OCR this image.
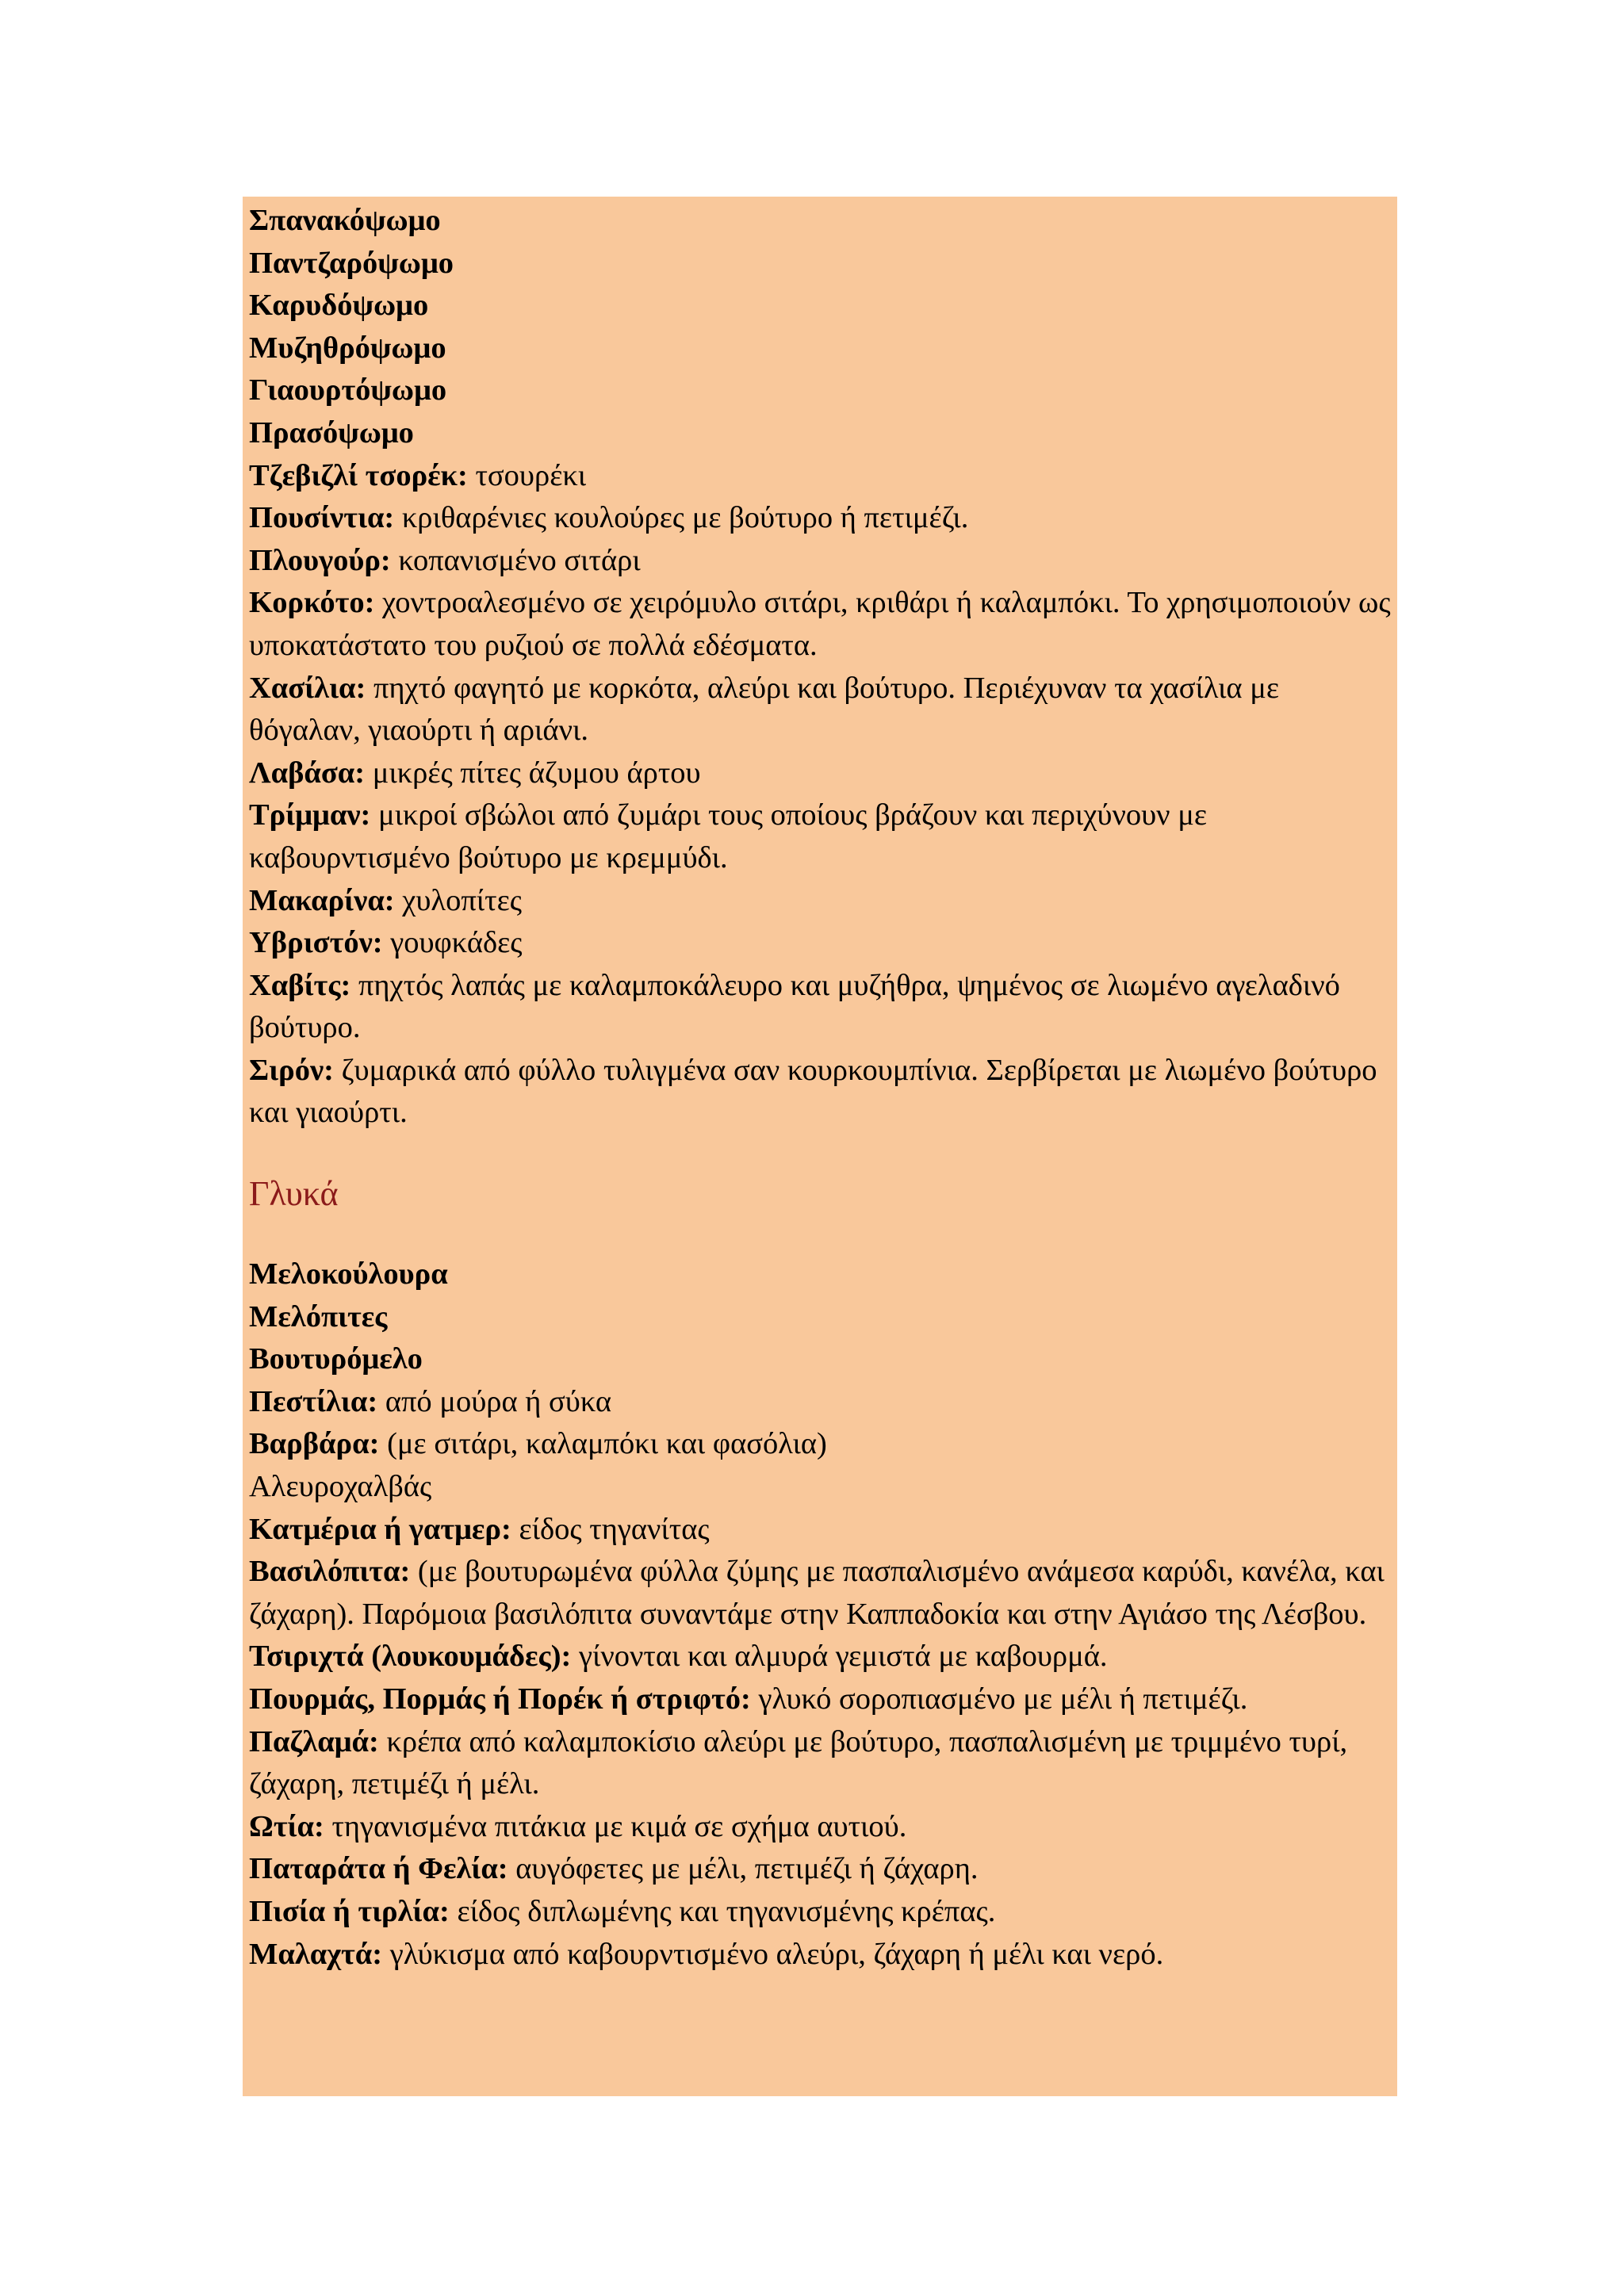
Σπανακόψωμο

Παντζαρόψωμο

Καρυδόψωμο

Μυζηθρόψωμο

Γιαουρτόψωμο

Πρασόψωμο

Τζεβιζλί τσορέκ: τσουρέκι

Πουσίντια: κριθαρένιες κουλούρες με βούτυρο ή πετιμέζι.

Πλουγούρ: κοπανισμένο σιτάρι

Κορκότο: χοντροαλεσμένο σε χειρόμυλο σιτάρι, κριθάρι ή καλαμπόκι. Το χρησιμοποιούν ως υποκατάστατο του ρυζιού σε πολλά εδέσματα.

Χασίλια: πηχτό φαγητό με κορκότα, αλεύρι και βούτυρο. Περιέχυναν τα χασίλια με θόγαλαν, γιαούρτι ή αριάνι.

Λαβάσα: μικρές πίτες άζυμου άρτου

Τρίμμαν: μικροί σβώλοι από ζυμάρι τους οποίους βράζουν και περιχύνουν με καβουρντισμένο βούτυρο με κρεμμύδι.

Μακαρίνα: χυλοπίτες

Υβριστόν: γουφκάδες

Χαβίτς: πηχτός λαπάς με καλαμποκάλευρο και μυζήθρα, ψημένος σε λιωμένο αγελαδινό βούτυρο.

Σιρόν: ζυμαρικά από φύλλο τυλιγμένα σαν κουρκουμπίνια. Σερβίρεται με λιωμένο βούτυρο και γιαούρτι.

Γλυκά

Μελοκούλουρα

Μελόπιτες

Βουτυρόμελο

Πεστίλια: από μούρα ή σύκα

Βαρβάρα: (με σιτάρι, καλαμπόκι και φασόλια)

Αλευροχαλβάς

Κατμέρια ή γατμερ: είδος τηγανίτας

Βασιλόπιτα: (με βουτυρωμένα φύλλα ζύμης με πασπαλισμένο ανάμεσα καρύδι, κανέλα, και ζάχαρη). Παρόμοια βασιλόπιτα συναντάμε στην Καππαδοκία και στην Αγιάσο της Λέσβου.

Τσιριχτά (λουκουμάδες): γίνονται και αλμυρά γεμιστά με καβουρμά.

Πουρμάς, Πορμάς ή Πορέκ ή στριφτό: γλυκό σοροπιασμένο με μέλι ή πετιμέζι.

Παζλαμά: κρέπα από καλαμποκίσιο αλεύρι με βούτυρο, πασπαλισμένη με τριμμένο τυρί, ζάχαρη, πετιμέζι ή μέλι.

Ωτία: τηγανισμένα πιτάκια με κιμά σε σχήμα αυτιού.

Παταράτα ή Φελία: αυγόφετες με μέλι, πετιμέζι ή ζάχαρη.

Πισία ή τιρλία: είδος διπλωμένης και τηγανισμένης κρέπας.

Μαλαχτά: γλύκισμα από καβουρντισμένο αλεύρι, ζάχαρη ή μέλι και νερό.
